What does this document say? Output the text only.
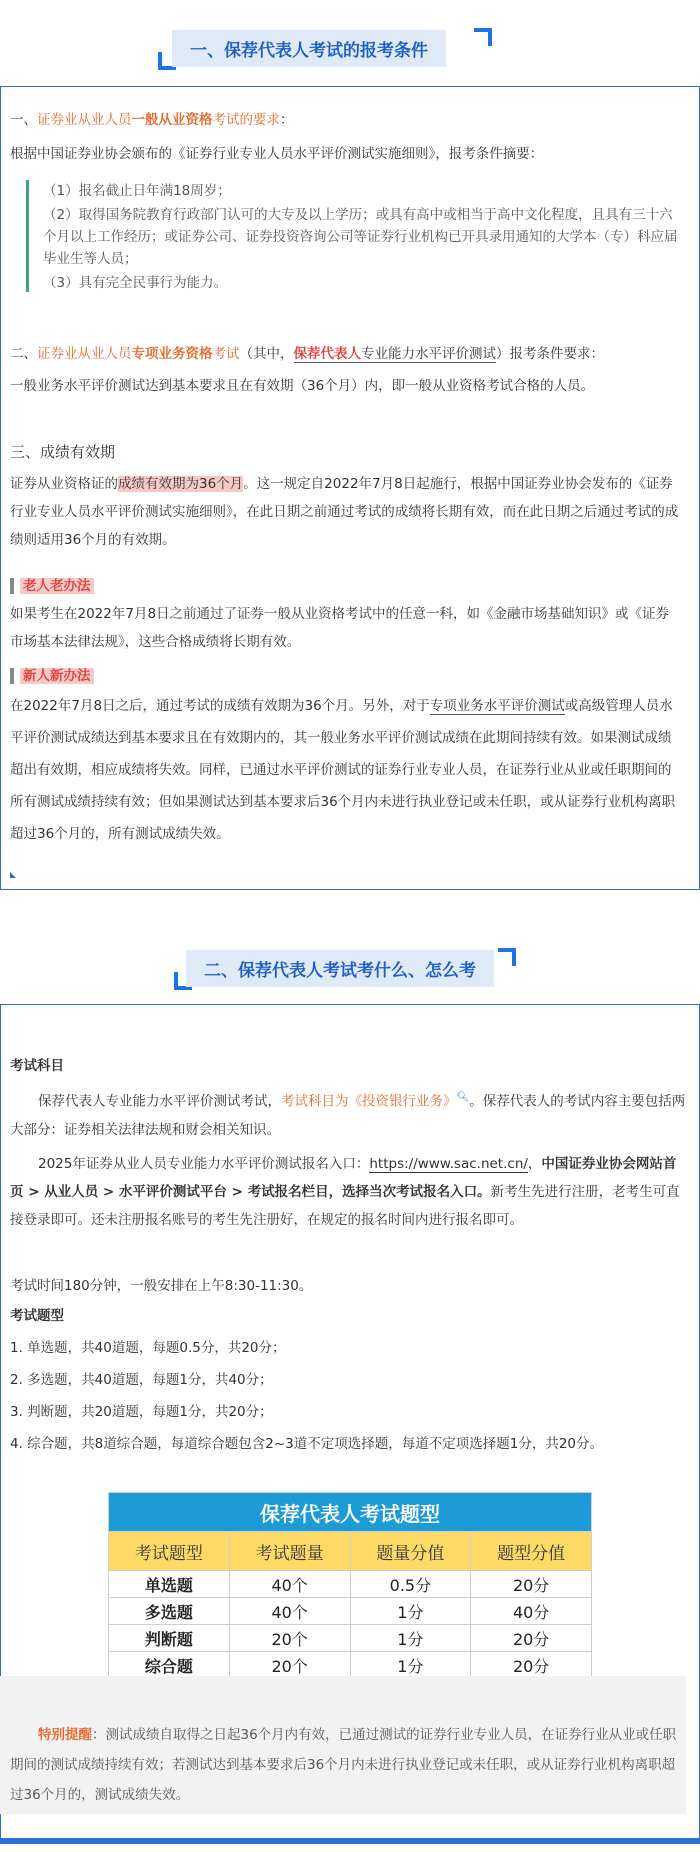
一、保荐代表人考试的报考条件
一、证券业从业人员一般从业资格考试的要求：
根据中国证券业协会颁布的《证券行业专业人员水平评价测试实施细则》，报考条件摘要：
（1）报名截止日年满18周岁；
（2）取得国务院教育行政部门认可的大专及以上学历；或具有高中或相当于高中文化程度，且具有三十六个月以上工作经历；或证券公司、证券投资咨询公司等证券行业机构已开具录用通知的大学本（专）科应届毕业生等人员；
（3）具有完全民事行为能力。
二、证券业从业人员专项业务资格考试（其中，保荐代表人专业能力水平评价测试）报考条件要求：
一般业务水平评价测试达到基本要求且在有效期（36个月）内，即一般从业资格考试合格的人员。
三、成绩有效期
证券从业资格证的成绩有效期为36个月。这一规定自2022年7月8日起施行，根据中国证券业协会发布的《证券行业专业人员水平评价测试实施细则》，在此日期之前通过考试的成绩将长期有效，而在此日期之后通过考试的成绩则适用36个月的有效期。
老人老办法
如果考生在2022年7月8日之前通过了证券一般从业资格考试中的任意一科，如《金融市场基础知识》或《证券市场基本法律法规》，这些合格成绩将长期有效。
新人新办法
在2022年7月8日之后，通过考试的成绩有效期为36个月。另外，对于专项业务水平评价测试或高级管理人员水平评价测试成绩达到基本要求且在有效期内的，其一般业务水平评价测试成绩在此期间持续有效。如果测试成绩超出有效期，相应成绩将失效。同样，已通过水平评价测试的证券行业专业人员，在证券行业从业或任职期间的所有测试成绩持续有效；但如果测试达到基本要求后36个月内未进行执业登记或未任职，或从证券行业机构离职超过36个月的，所有测试成绩失效。
二、保荐代表人考试考什么、怎么考
考试科目
保荐代表人专业能力水平评价测试考试，考试科目为《投资银行业务》🔍︎。保荐代表人的考试内容主要包括两大部分：证券相关法律法规和财会相关知识。
2025年证券从业人员专业能力水平评价测试报名入口：https://www.sac.net.cn/，中国证券业协会网站首页 > 从业人员 > 水平评价测试平台 > 考试报名栏目，选择当次考试报名入口。新考生先进行注册，老考生可直接登录即可。还未注册报名账号的考生先注册好，在规定的报名时间内进行报名即可。
考试时间180分钟，一般安排在上午8:30-11:30。
考试题型
1. 单选题，共40道题，每题0.5分，共20分；
2. 多选题，共40道题，每题1分，共40分；
3. 判断题，共20道题，每题1分，共20分；
4. 综合题，共8道综合题，每道综合题包含2~3道不定项选择题，每道不定项选择题1分，共20分。
保荐代表人考试题型			
考试题型	考试题量	题量分值	题型分值
单选题	40个	0.5分	20分
多选题	40个	1分	40分
判断题	20个	1分	20分
综合题	20个	1分	20分
特别提醒：测试成绩自取得之日起36个月内有效，已通过测试的证券行业专业人员，在证券行业从业或任职期间的测试成绩持续有效；若测试达到基本要求后36个月内未进行执业登记或未任职，或从证券行业机构离职超过36个月的，测试成绩失效。
